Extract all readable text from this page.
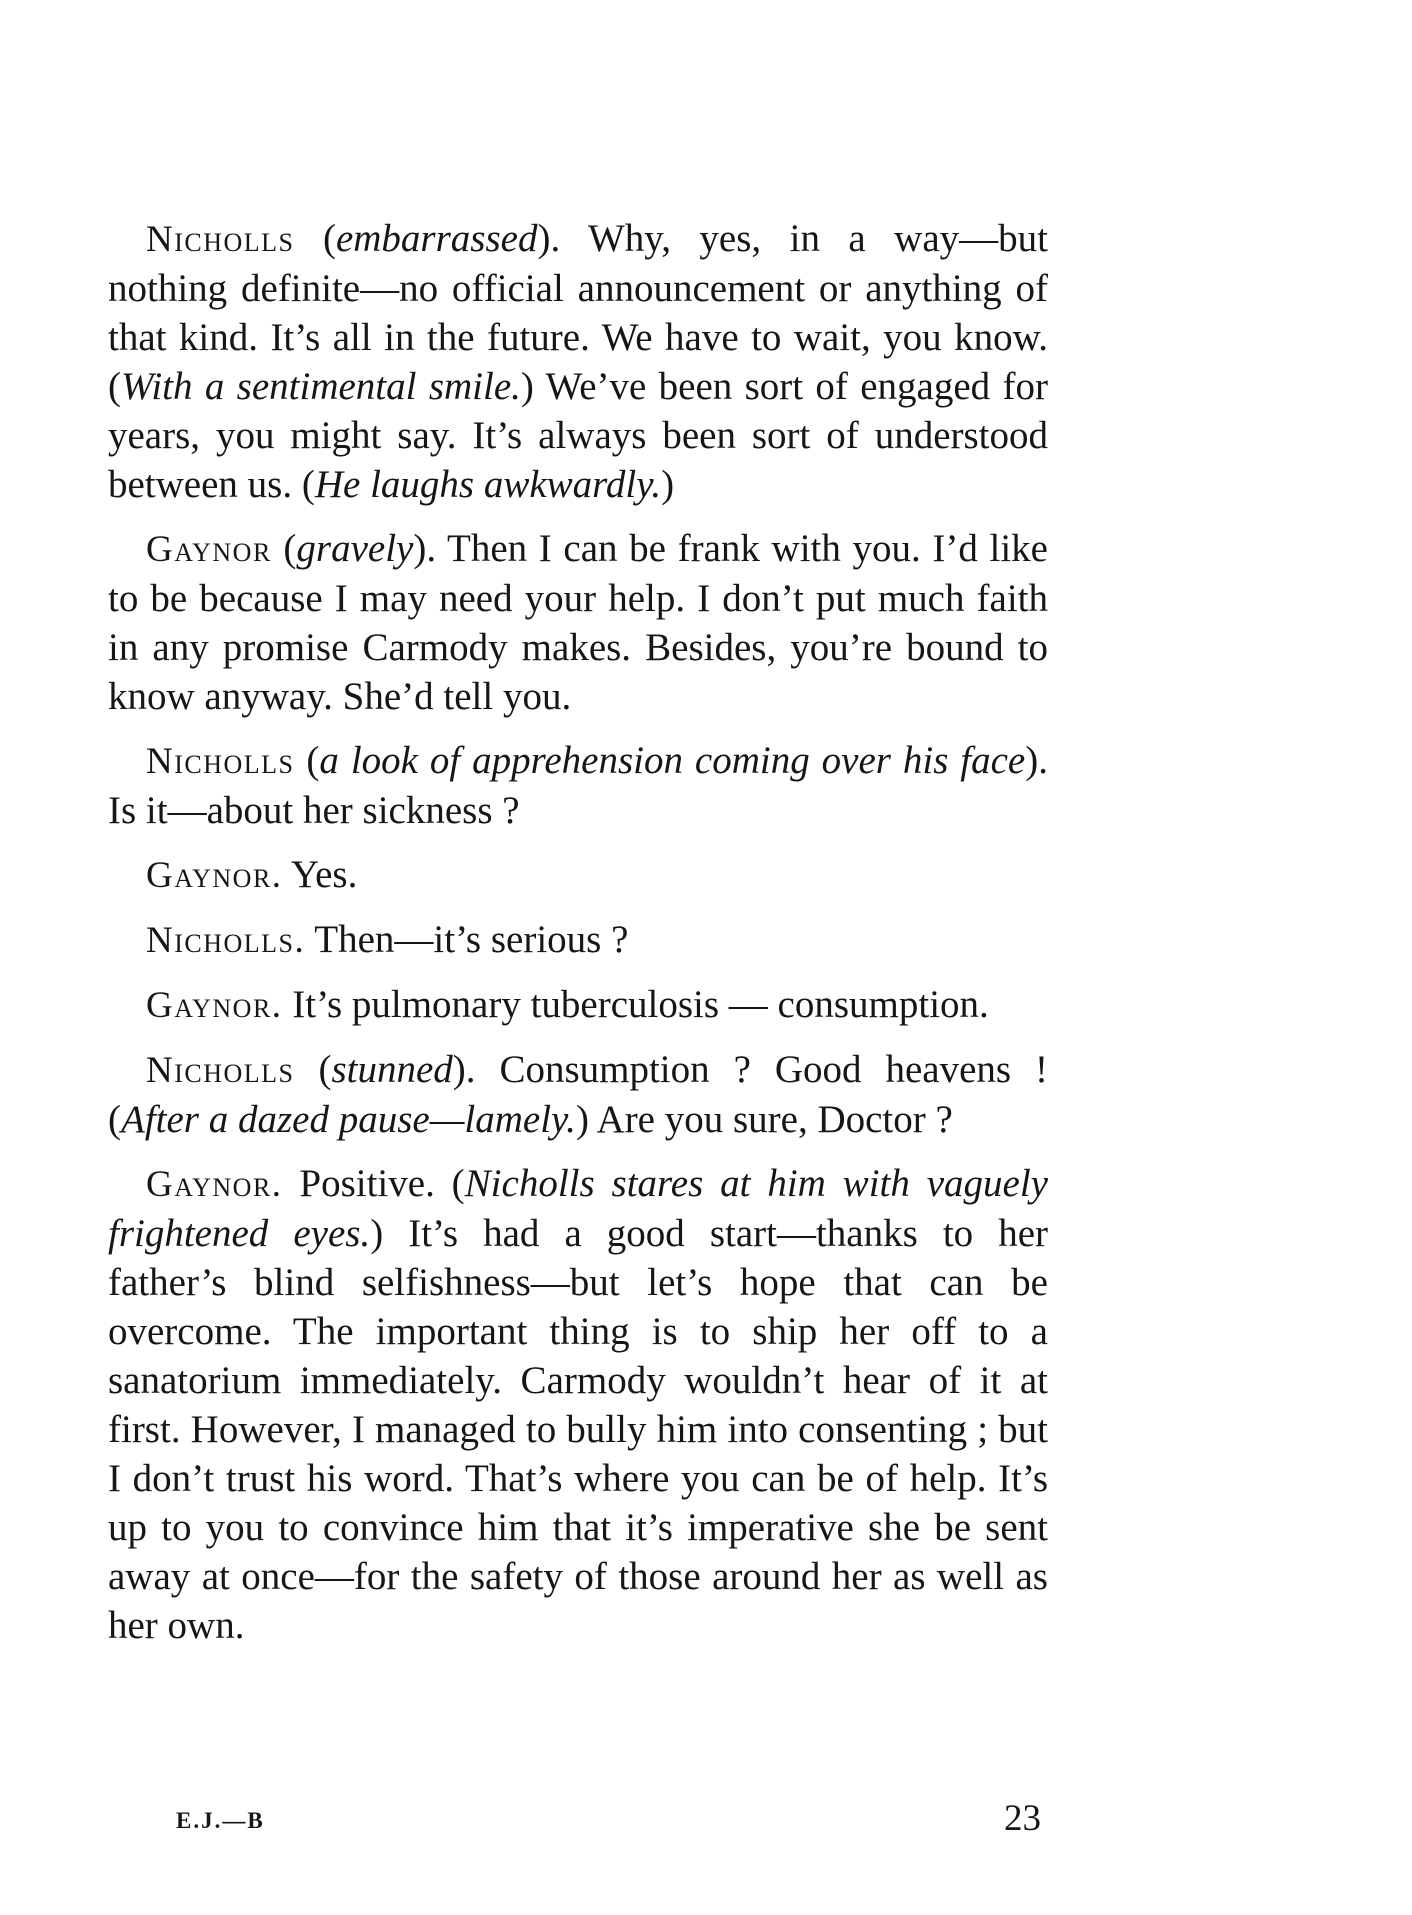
Nicholls (embarrassed). Why, yes, in a way—but nothing definite—no official announcement or anything of that kind. It’s all in the future. We have to wait, you know. (With a sentimental smile.) We’ve been sort of engaged for years, you might say. It’s always been sort of understood between us. (He laughs awkwardly.)

Gaynor (gravely). Then I can be frank with you. I’d like to be because I may need your help. I don’t put much faith in any promise Carmody makes. Besides, you’re bound to know anyway. She’d tell you.

Nicholls (a look of apprehension coming over his face). Is it—about her sickness ?

Gaynor. Yes.

Nicholls. Then—it’s serious ?

Gaynor. It’s pulmonary tuberculosis — consumption.

Nicholls (stunned). Consumption ? Good heavens ! (After a dazed pause—lamely.) Are you sure, Doctor ?

Gaynor. Positive. (Nicholls stares at him with vaguely frightened eyes.) It’s had a good start—thanks to her father’s blind selfishness—but let’s hope that can be overcome. The important thing is to ship her off to a sanatorium immediately. Carmody wouldn’t hear of it at first. However, I managed to bully him into consenting ; but I don’t trust his word. That’s where you can be of help. It’s up to you to convince him that it’s imperative she be sent away at once—for the safety of those around her as well as her own.

E.J.—B	23
